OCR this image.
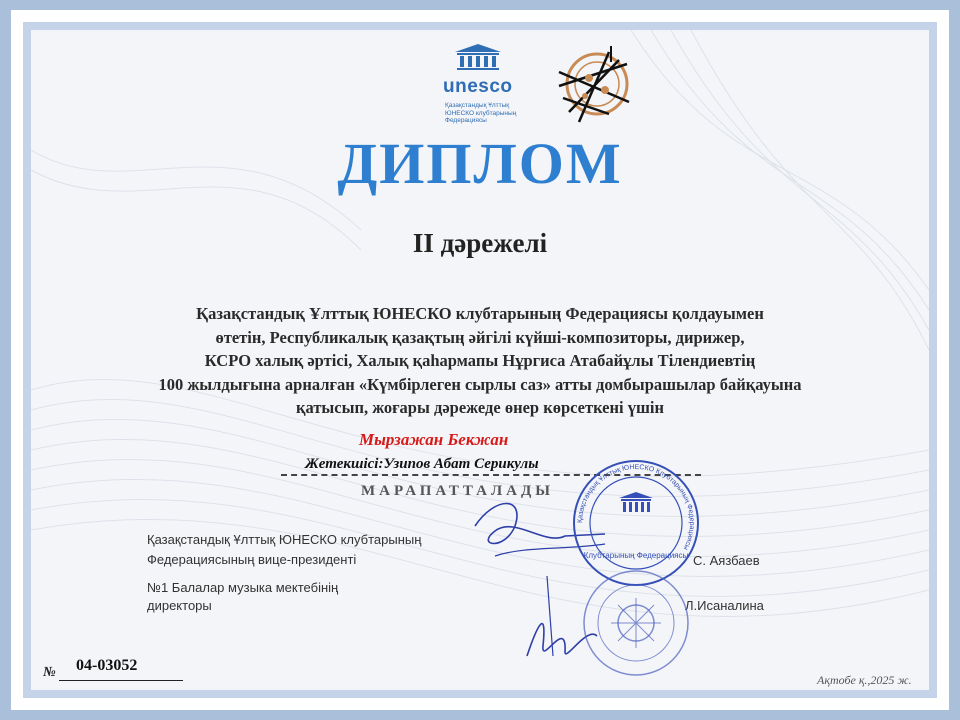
unesco
Қазақстандық Ұлттық ЮНЕСКО клубтарының Федерациясы
ДИПЛОМ
II дәрежелі
Қазақстандық Ұлттық ЮНЕСКО клубтарының Федерациясы қолдауымен
өтетін, Республикалық қазақтың әйгілі күйші-композиторы, дирижер,
КСРО халық әртісі, Халық қаһармапы Нұргиса Атабайұлы Тілендиевтің
100 жылдығына арналған «Күмбірлеген сырлы саз» атты домбырашылар байқауына
қатысып, жоғары дәрежеде өнер көрсеткені үшін
Мырзажан Бекжан
Жетекшісі:Узипов Абат Серикулы
МАРАПАТТАЛАДЫ
Қазақстандық Ұлттық ЮНЕСКО клубтарының
Федерациясының вице-президенті	С. Аязбаев
№1 Балалар музыка мектебінің
директоры	Л.Исаналина
Клубтарының Федерациясы
Қазақстандық Ұлттық ЮНЕСКО Клубтарының Федерациясы
№ 04-03052
Ақтобе қ.,2025 ж.
